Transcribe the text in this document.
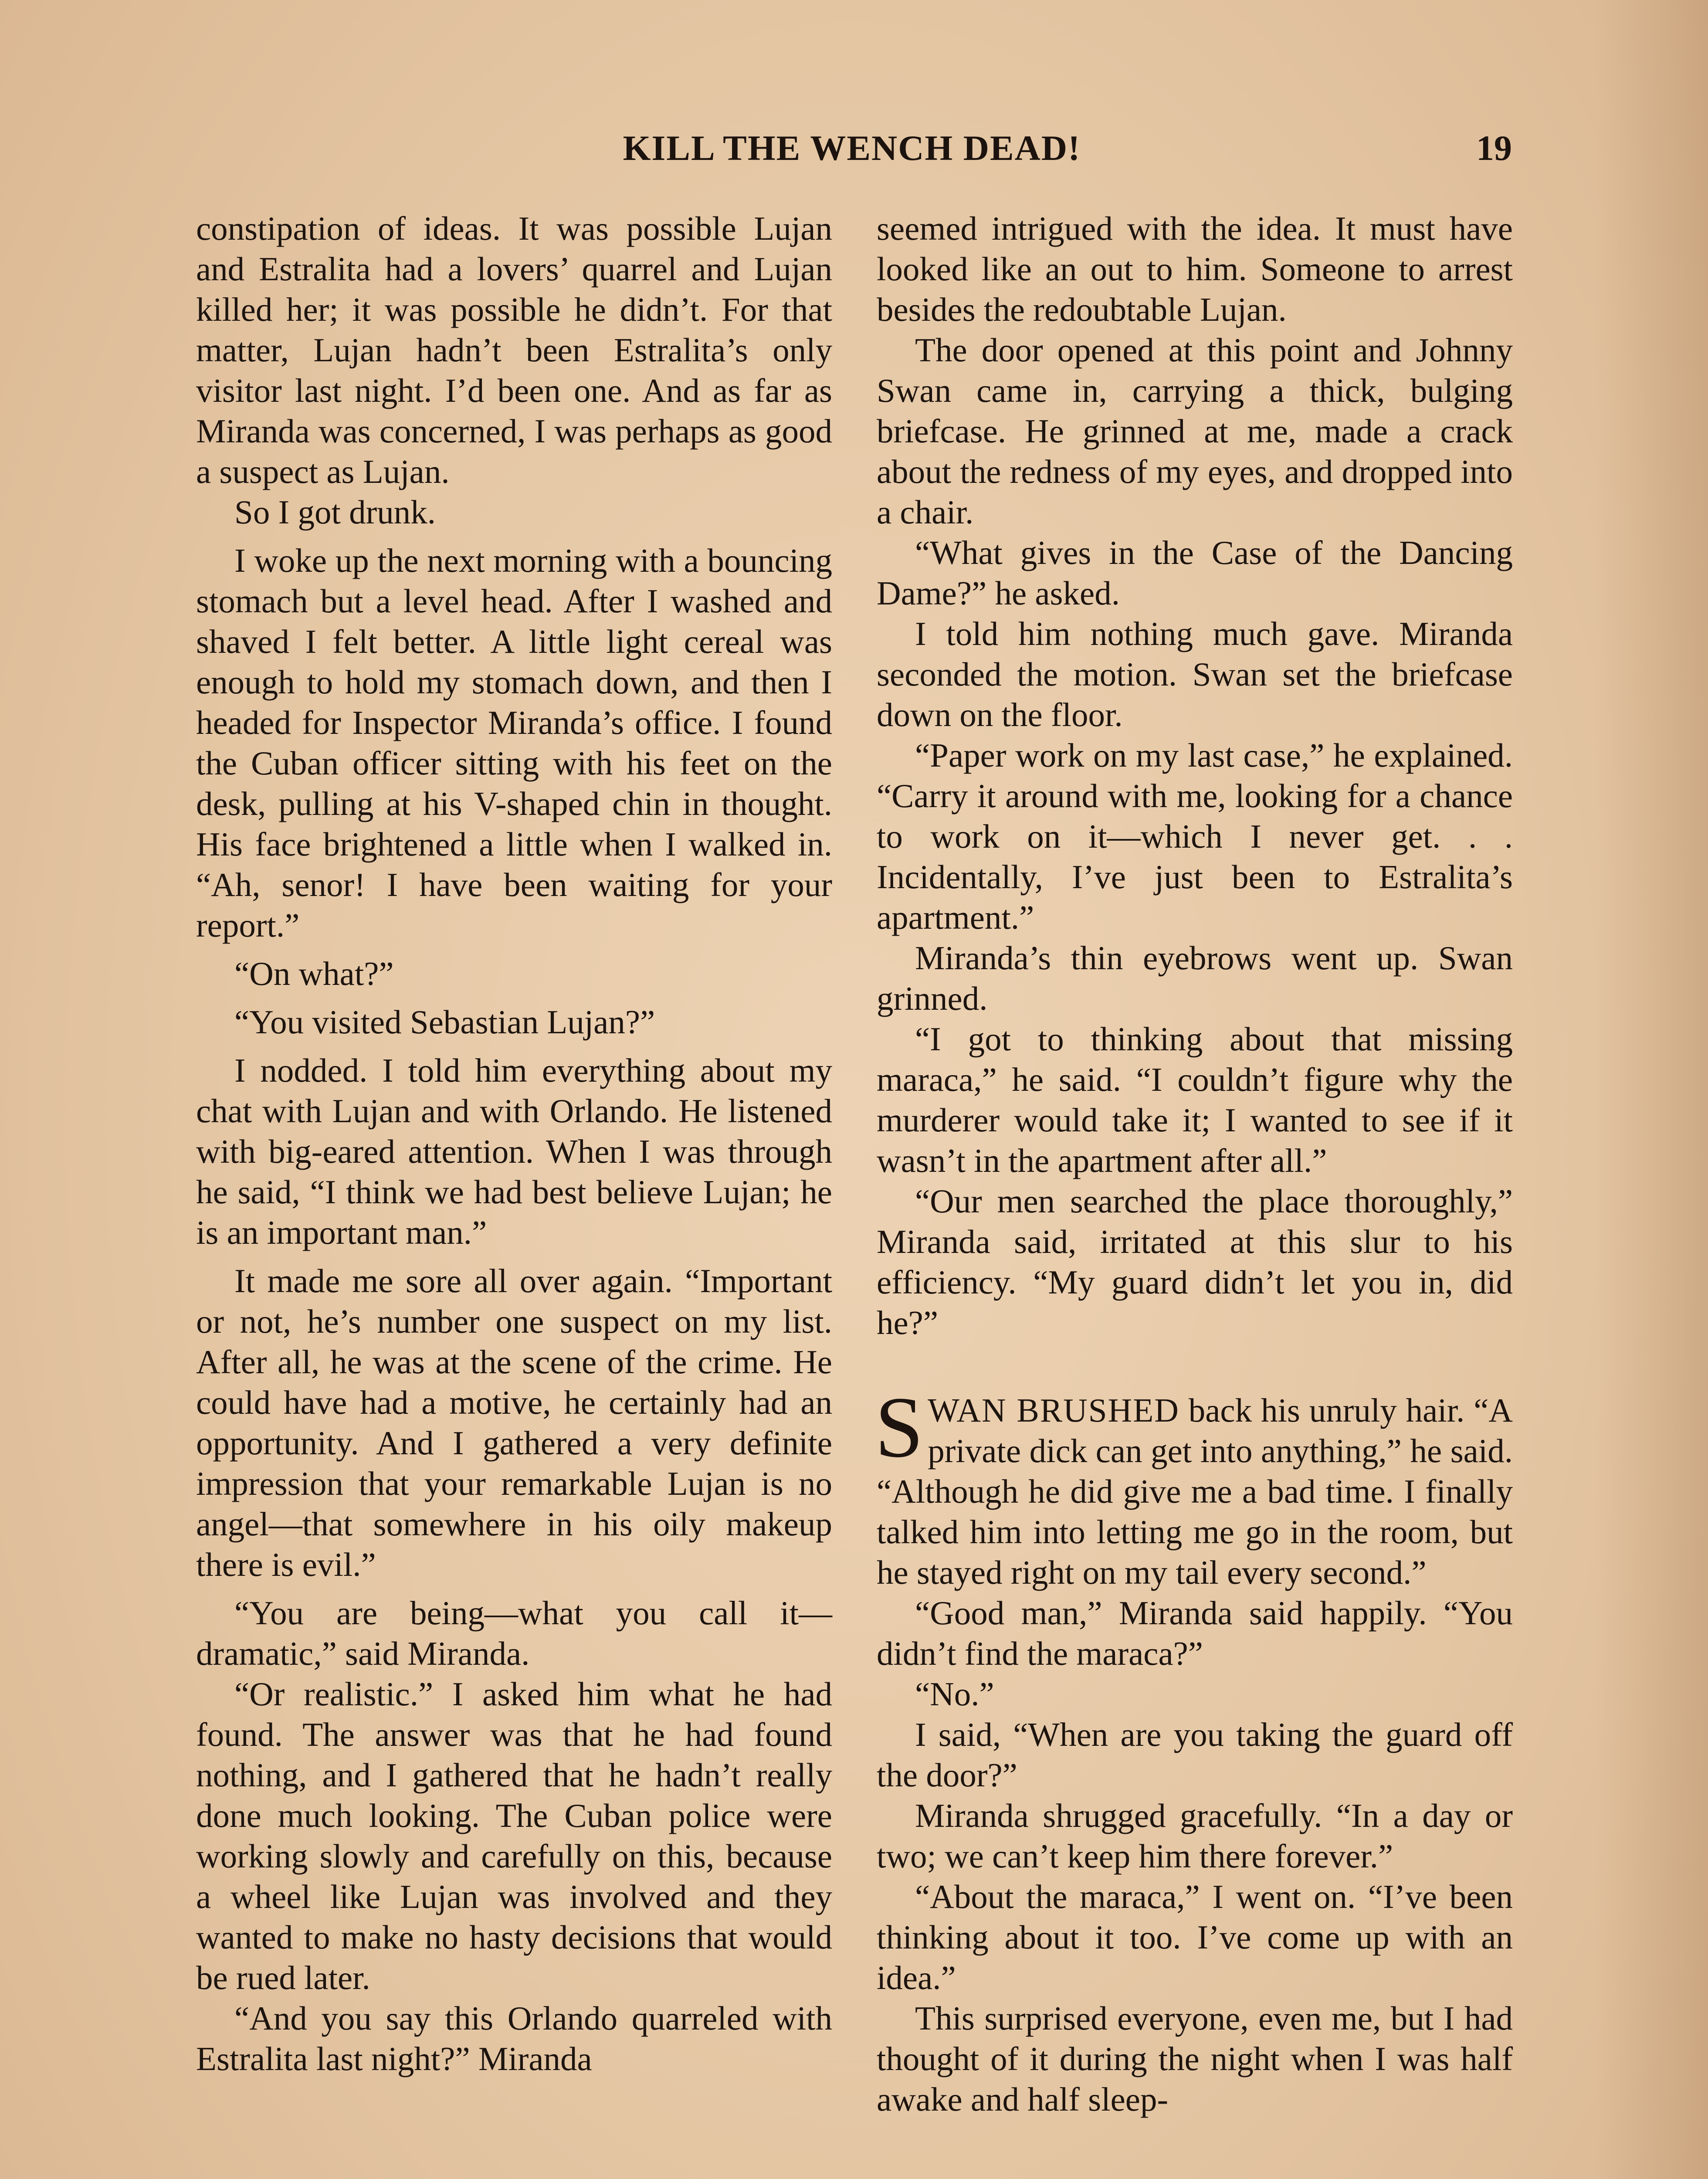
KILL THE WENCH DEAD!	19

constipation of ideas. It was possible Lujan and Estralita had a lovers’ quarrel and Lujan killed her; it was possible he didn’t. For that matter, Lujan hadn’t been Estralita’s only visitor last night. I’d been one. And as far as Miranda was concerned, I was perhaps as good a suspect as Lujan.

So I got drunk.

I woke up the next morning with a bouncing stomach but a level head. After I washed and shaved I felt better. A little light cereal was enough to hold my stomach down, and then I headed for Inspector Miranda’s office. I found the Cuban officer sitting with his feet on the desk, pulling at his V-shaped chin in thought. His face brightened a little when I walked in. “Ah, senor! I have been waiting for your report.”

“On what?”

“You visited Sebastian Lujan?”

I nodded. I told him everything about my chat with Lujan and with Orlando. He listened with big-eared attention. When I was through he said, “I think we had best believe Lujan; he is an important man.”

It made me sore all over again. “Important or not, he’s number one suspect on my list. After all, he was at the scene of the crime. He could have had a motive, he certainly had an opportunity. And I gathered a very definite impression that your remarkable Lujan is no angel—that somewhere in his oily makeup there is evil.”

“You are being—what you call it—dramatic,” said Miranda.

“Or realistic.” I asked him what he had found. The answer was that he had found nothing, and I gathered that he hadn’t really done much looking. The Cuban police were working slowly and carefully on this, because a wheel like Lujan was involved and they wanted to make no hasty decisions that would be rued later.

“And you say this Orlando quarreled with Estralita last night?” Miranda

seemed intrigued with the idea. It must have looked like an out to him. Someone to arrest besides the redoubtable Lujan.

The door opened at this point and Johnny Swan came in, carrying a thick, bulging briefcase. He grinned at me, made a crack about the redness of my eyes, and dropped into a chair.

“What gives in the Case of the Dancing Dame?” he asked.

I told him nothing much gave. Miranda seconded the motion. Swan set the briefcase down on the floor.

“Paper work on my last case,” he explained. “Carry it around with me, looking for a chance to work on it—which I never get. . . Incidentally, I’ve just been to Estralita’s apartment.”

Miranda’s thin eyebrows went up. Swan grinned.

“I got to thinking about that missing maraca,” he said. “I couldn’t figure why the murderer would take it; I wanted to see if it wasn’t in the apartment after all.”

“Our men searched the place thoroughly,” Miranda said, irritated at this slur to his efficiency. “My guard didn’t let you in, did he?”

SWAN BRUSHED back his unruly hair. “A private dick can get into anything,” he said. “Although he did give me a bad time. I finally talked him into letting me go in the room, but he stayed right on my tail every second.”

“Good man,” Miranda said happily. “You didn’t find the maraca?”

“No.”

I said, “When are you taking the guard off the door?”

Miranda shrugged gracefully. “In a day or two; we can’t keep him there forever.”

“About the maraca,” I went on. “I’ve been thinking about it too. I’ve come up with an idea.”

This surprised everyone, even me, but I had thought of it during the night when I was half awake and half sleep-
